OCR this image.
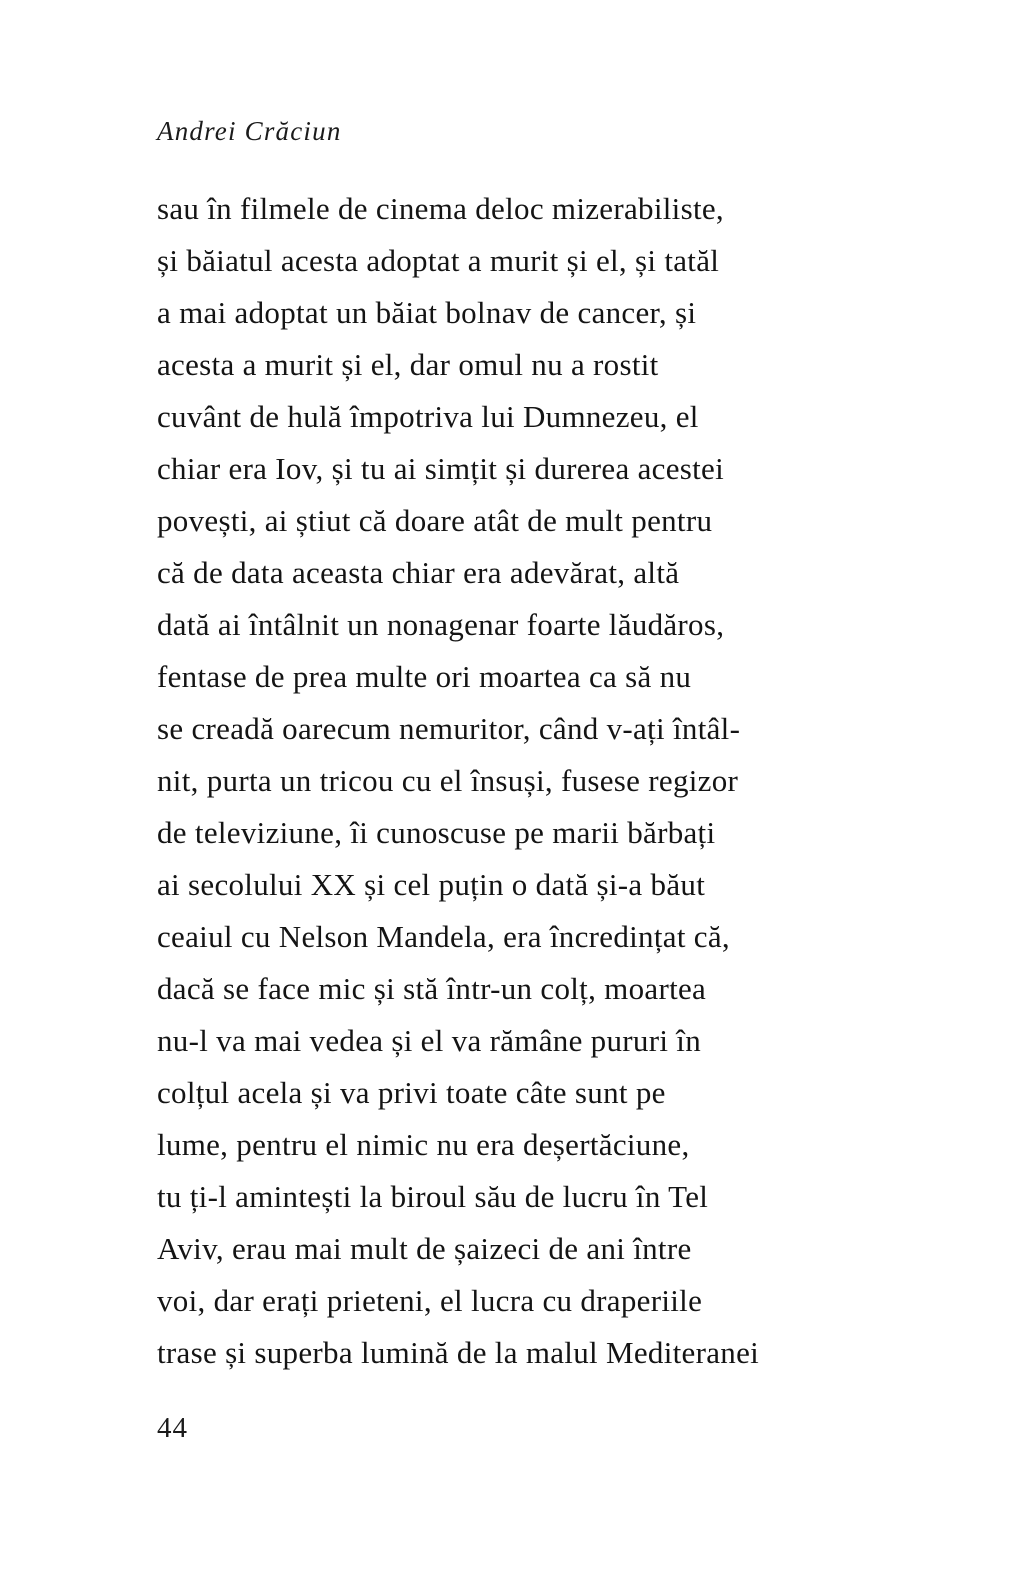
Andrei Crăciun
sau în filmele de cinema deloc mizerabiliste,
și băiatul acesta adoptat a murit și el, și tatăl
a mai adoptat un băiat bolnav de cancer, și
acesta a murit și el, dar omul nu a rostit
cuvânt de hulă împotriva lui Dumnezeu, el
chiar era Iov, și tu ai simțit și durerea acestei
povești, ai știut că doare atât de mult pentru
că de data aceasta chiar era adevărat, altă
dată ai întâlnit un nonagenar foarte lăudăros,
fentase de prea multe ori moartea ca să nu
se creadă oarecum nemuritor, când v-ați întâl-
nit, purta un tricou cu el însuși, fusese regizor
de televiziune, îi cunoscuse pe marii bărbați
ai secolului XX și cel puțin o dată și-a băut
ceaiul cu Nelson Mandela, era încredințat că,
dacă se face mic și stă într-un colț, moartea
nu-l va mai vedea și el va rămâne pururi în
colțul acela și va privi toate câte sunt pe
lume, pentru el nimic nu era deșertăciune,
tu ți-l amintești la biroul său de lucru în Tel
Aviv, erau mai mult de șaizeci de ani între
voi, dar erați prieteni, el lucra cu draperiile
trase și superba lumină de la malul Mediteranei
44
